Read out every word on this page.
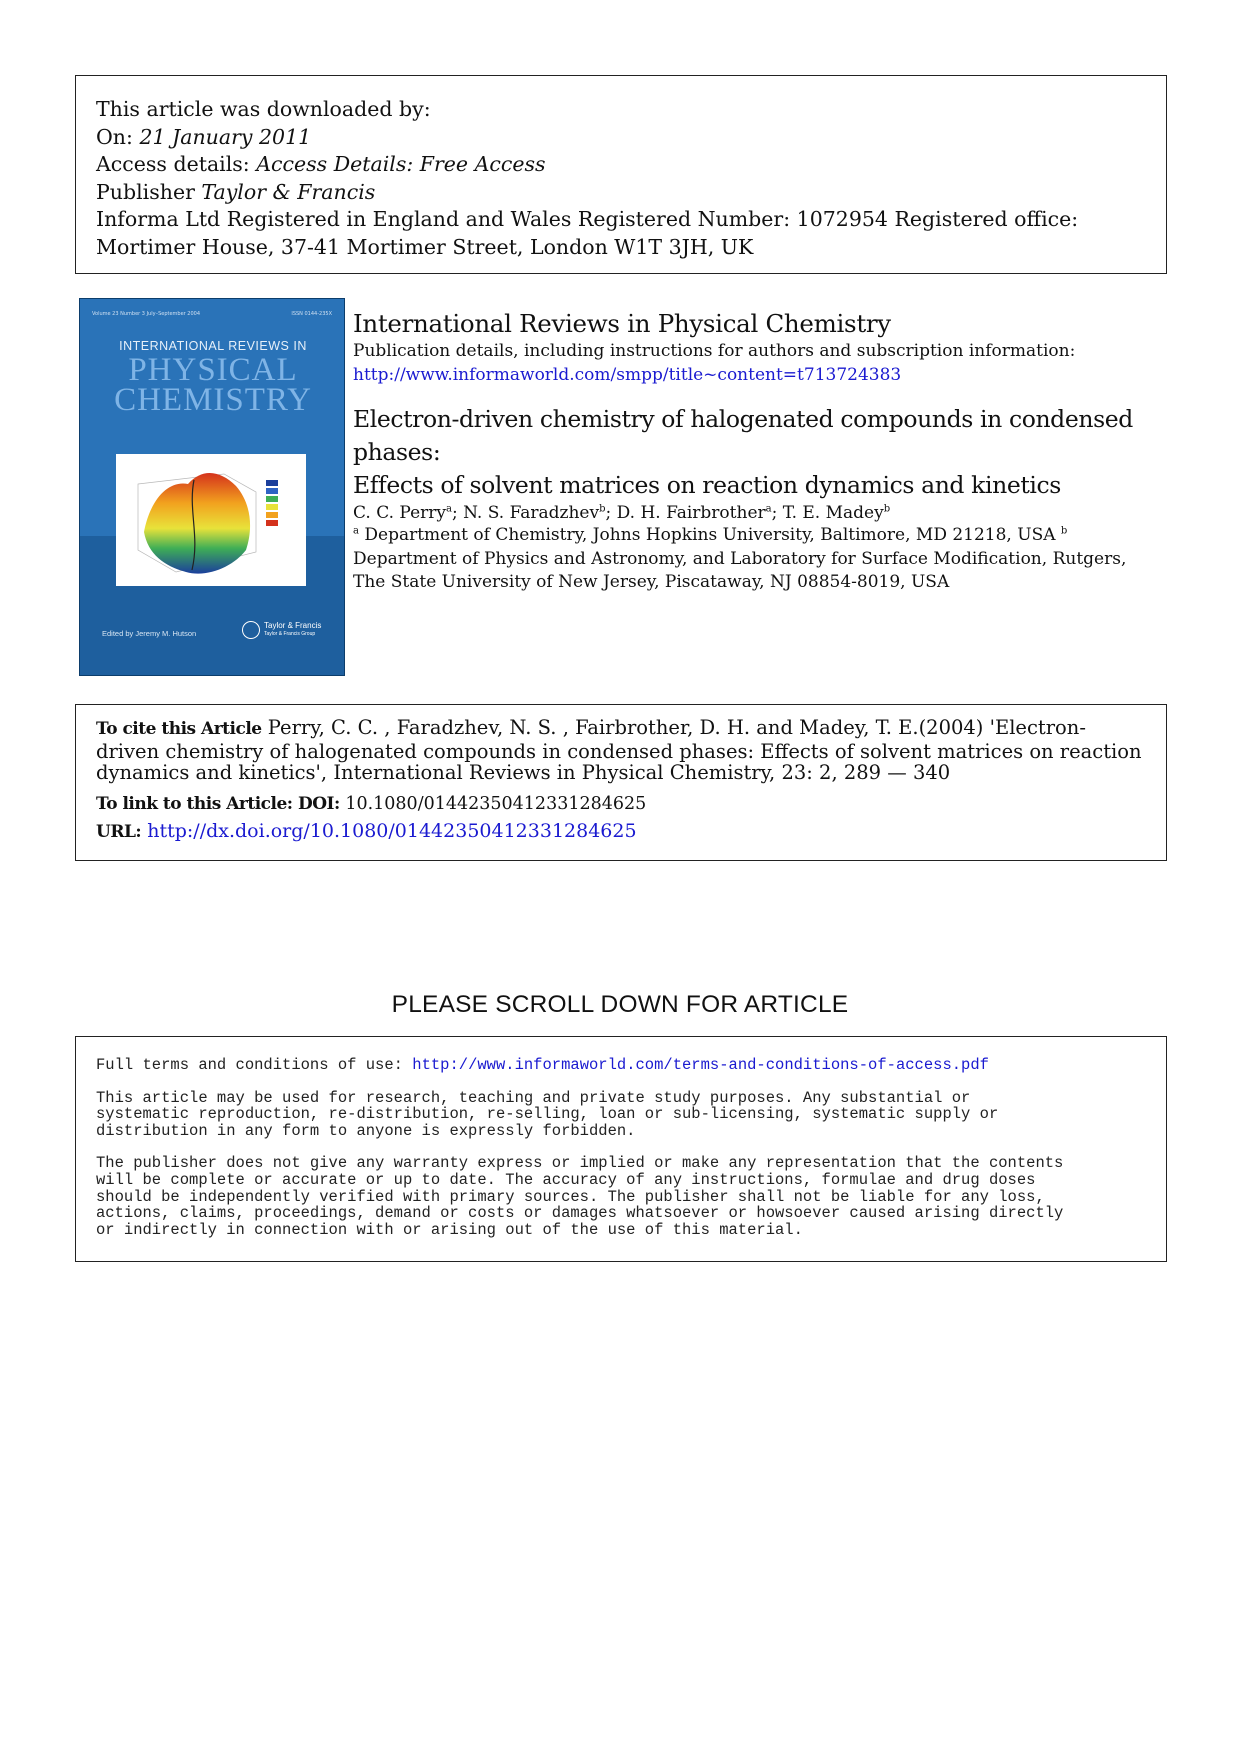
This article was downloaded by:
On: 21 January 2011
Access details: Access Details: Free Access
Publisher Taylor & Francis
Informa Ltd Registered in England and Wales Registered Number: 1072954 Registered office: Mortimer House, 37-41 Mortimer Street, London W1T 3JH, UK
Volume 23 Number 3 July–September 2004	ISSN 0144-235X
INTERNATIONAL REVIEWS IN
PHYSICAL
CHEMISTRY
Edited by Jeremy M. Hutson
Taylor & Francis
Taylor & Francis Group
International Reviews in Physical Chemistry
Publication details, including instructions for authors and subscription information:
http://www.informaworld.com/smpp/title~content=t713724383
Electron-driven chemistry of halogenated compounds in condensed phases:
Effects of solvent matrices on reaction dynamics and kinetics
C. C. Perry$^a$; N. S. Faradzhev$^b$; D. H. Fairbrother$^a$; T. E. Madey$^b$
$^a$ Department of Chemistry, Johns Hopkins University, Baltimore, MD 21218, USA $^b$ Department of Physics and Astronomy, and Laboratory for Surface Modification, Rutgers, The State University of New Jersey, Piscataway, NJ 08854-8019, USA
To cite this Article Perry, C. C. , Faradzhev, N. S. , Fairbrother, D. H. and Madey, T. E.(2004) 'Electron-driven chemistry of halogenated compounds in condensed phases: Effects of solvent matrices on reaction dynamics and kinetics', International Reviews in Physical Chemistry, 23: 2, 289 — 340
To link to this Article: DOI: 10.1080/01442350412331284625
URL: http://dx.doi.org/10.1080/01442350412331284625
PLEASE SCROLL DOWN FOR ARTICLE

Full terms and conditions of use: http://www.informaworld.com/terms-and-conditions-of-access.pdf

This article may be used for research, teaching and private study purposes. Any substantial or
systematic reproduction, re-distribution, re-selling, loan or sub-licensing, systematic supply or
distribution in any form to anyone is expressly forbidden.

The publisher does not give any warranty express or implied or make any representation that the contents
will be complete or accurate or up to date. The accuracy of any instructions, formulae and drug doses
should be independently verified with primary sources. The publisher shall not be liable for any loss,
actions, claims, proceedings, demand or costs or damages whatsoever or howsoever caused arising directly
or indirectly in connection with or arising out of the use of this material.
